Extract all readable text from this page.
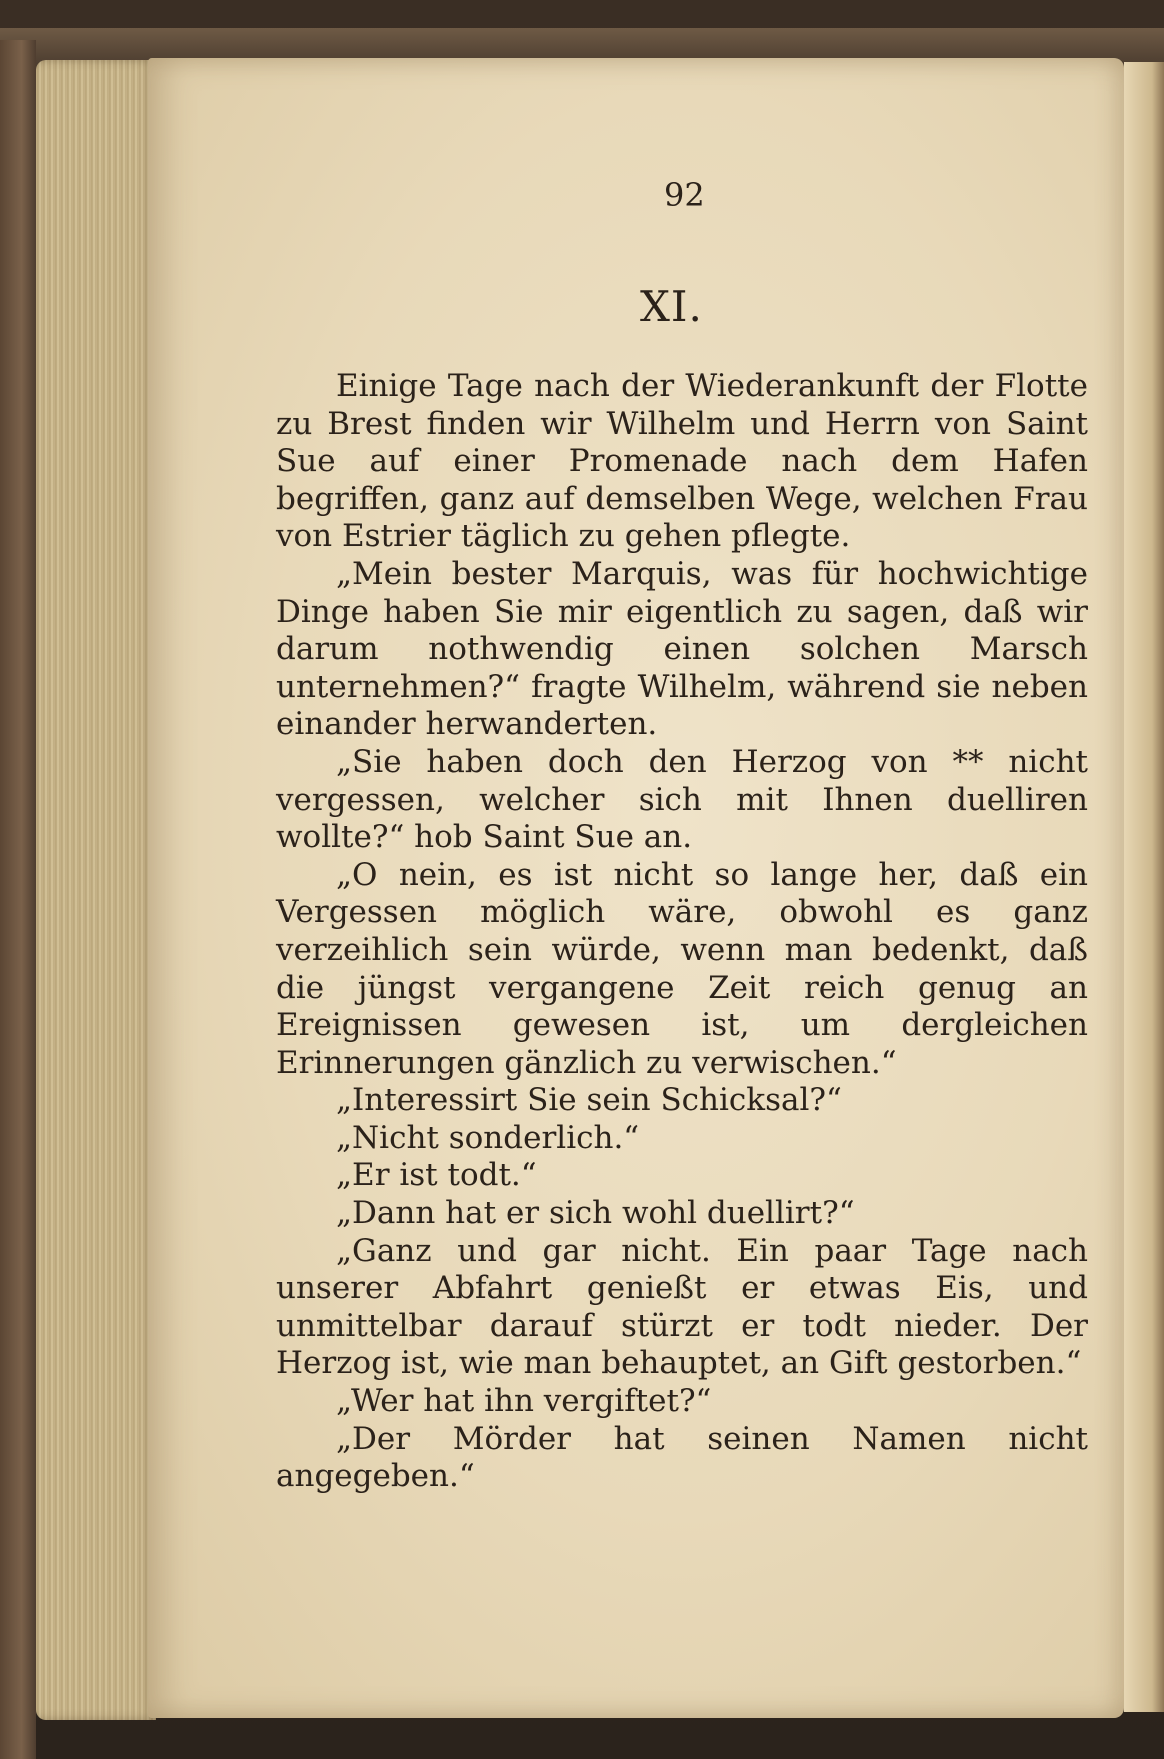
92
XI.

Einige Tage nach der Wiederankunft der Flotte zu Brest finden wir Wilhelm und Herrn von Saint Sue auf einer Promenade nach dem Hafen begriffen, ganz auf demselben Wege, welchen Frau von Estrier täglich zu gehen pflegte.

„Mein bester Marquis, was für hochwichtige Dinge haben Sie mir eigentlich zu sagen, daß wir darum nothwendig einen solchen Marsch unternehmen?“ fragte Wilhelm, während sie neben einander herwanderten.

„Sie haben doch den Herzog von ** nicht vergessen, welcher sich mit Ihnen duelliren wollte?“ hob Saint Sue an.

„O nein, es ist nicht so lange her, daß ein Vergessen möglich wäre, obwohl es ganz verzeihlich sein würde, wenn man bedenkt, daß die jüngst vergangene Zeit reich genug an Ereignissen gewesen ist, um dergleichen Erinnerungen gänzlich zu verwischen.“

„Interessirt Sie sein Schicksal?“

„Nicht sonderlich.“

„Er ist todt.“

„Dann hat er sich wohl duellirt?“

„Ganz und gar nicht. Ein paar Tage nach unserer Abfahrt genießt er etwas Eis, und unmittelbar darauf stürzt er todt nieder. Der Herzog ist, wie man behauptet, an Gift gestorben.“

„Wer hat ihn vergiftet?“

„Der Mörder hat seinen Namen nicht angegeben.“
